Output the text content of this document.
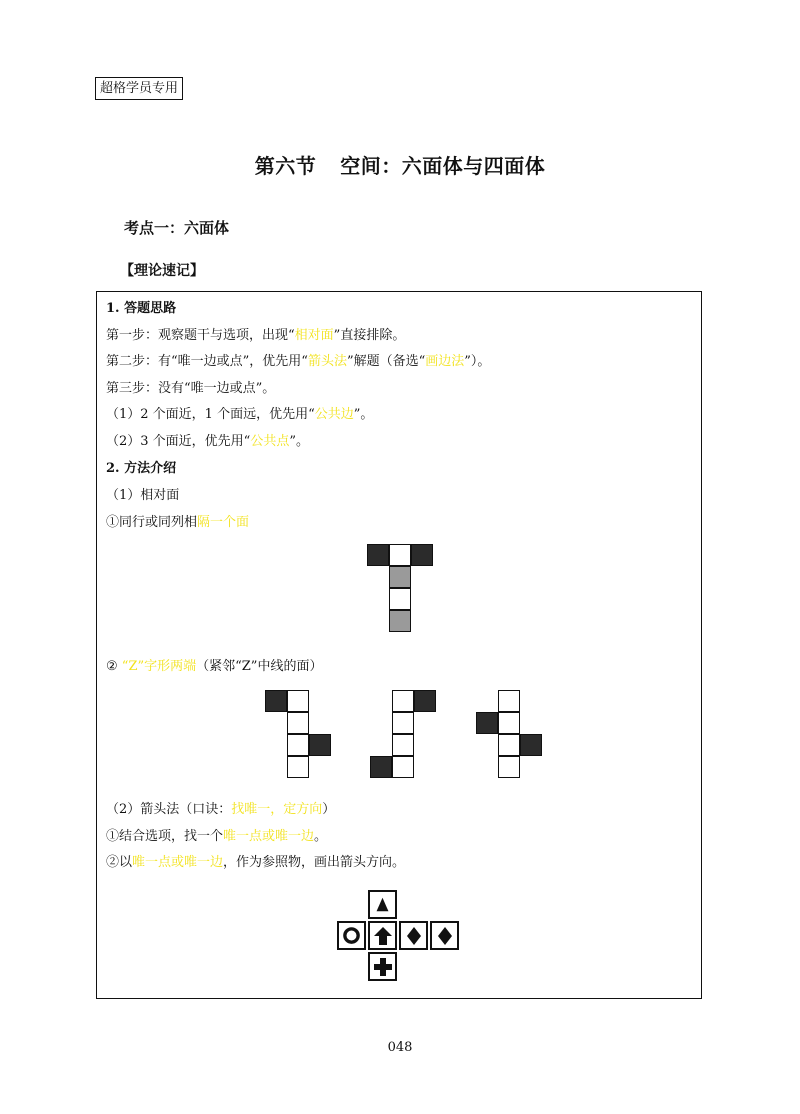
超格学员专用
第六节 空间：六面体与四面体
考点一：六面体
【理论速记】
1. 答题思路
第一步：观察题干与选项，出现“相对面”直接排除。
第二步：有“唯一边或点”，优先用“箭头法”解题（备选“画边法”）。
第三步：没有“唯一边或点”。
（1）2 个面近，1 个面远，优先用“公共边”。
（2）3 个面近，优先用“公共点”。
2. 方法介绍
（1）相对面
①同行或同列相隔一个面
② “Z”字形两端（紧邻“Z”中线的面）
（2）箭头法（口诀：找唯一，定方向）
①结合选项，找一个唯一点或唯一边。
②以唯一点或唯一边，作为参照物，画出箭头方向。
048
